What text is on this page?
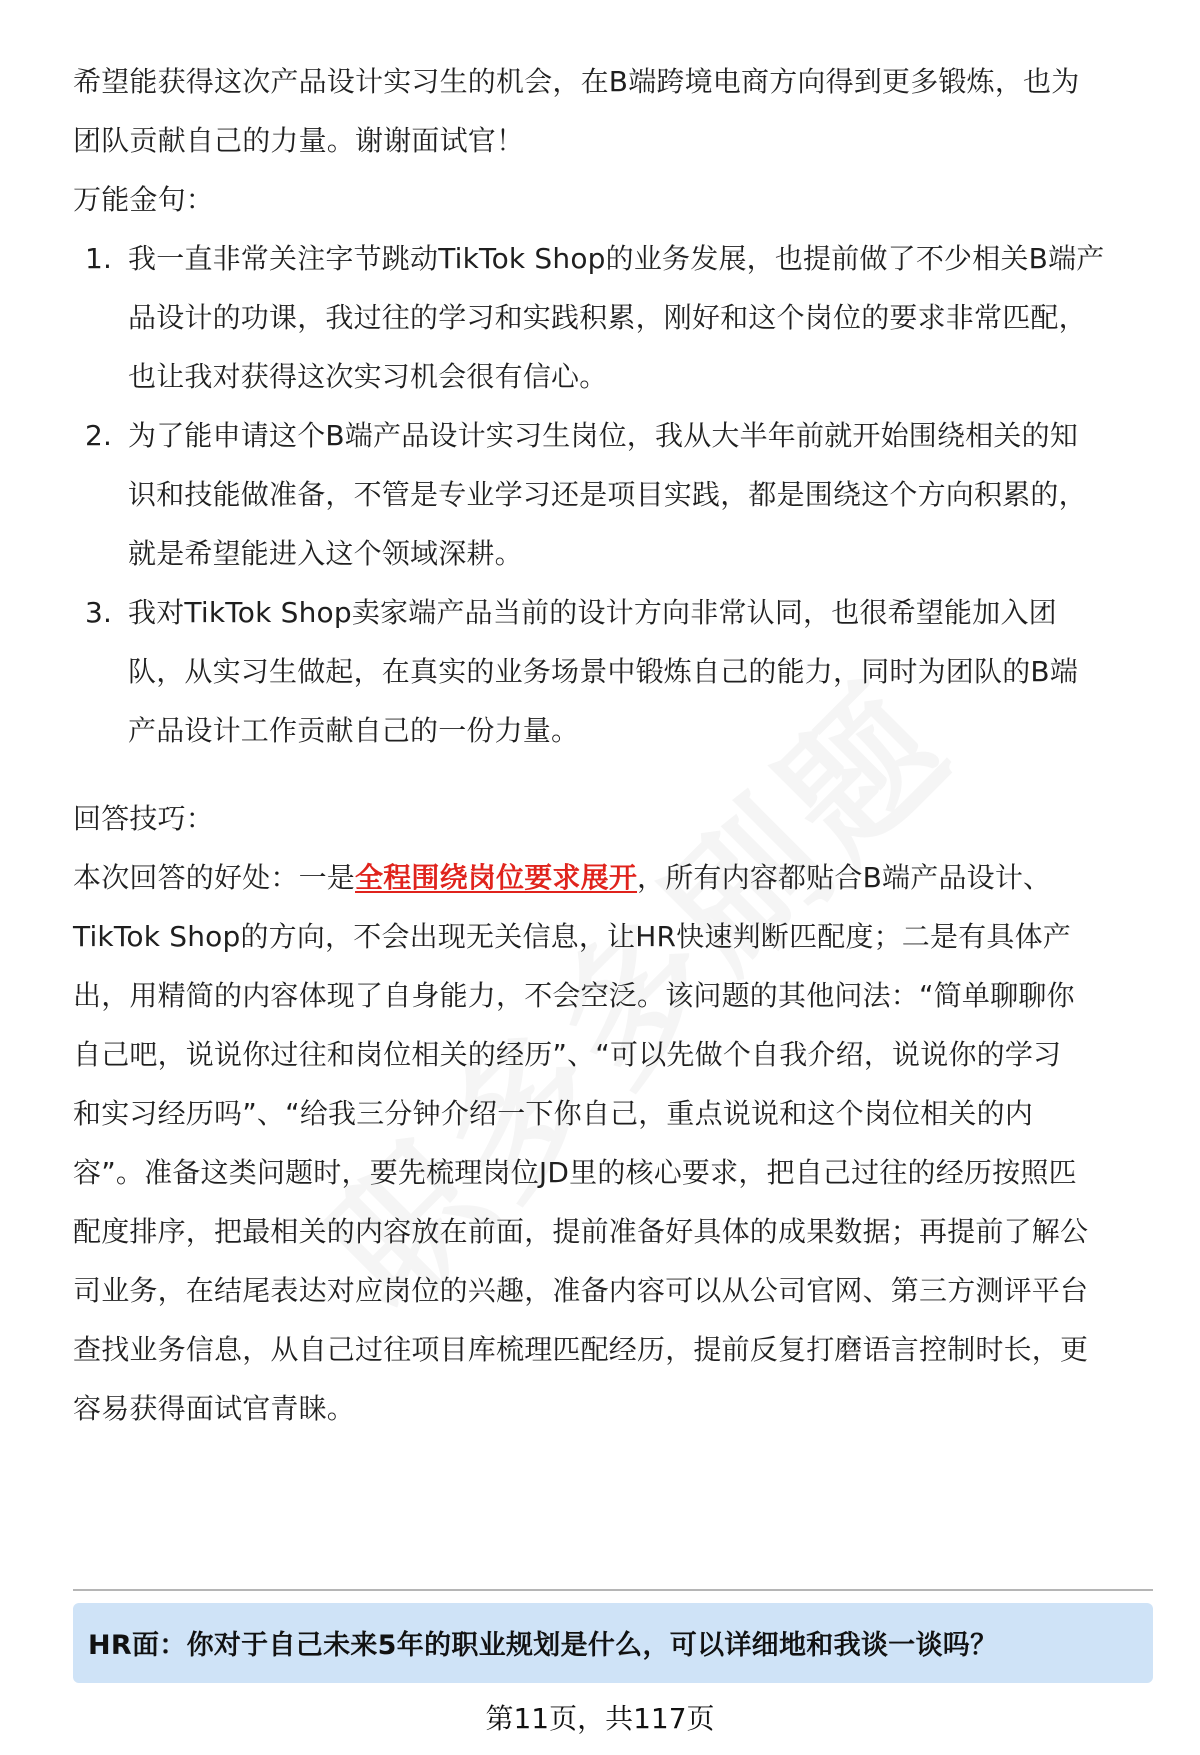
希望能获得这次产品设计实习生的机会，在B端跨境电商方向得到更多锻炼，也为

团队贡献自己的力量。谢谢面试官！

万能金句：

1. 我一直非常关注字节跳动TikTok Shop的业务发展，也提前做了不少相关B端产
品设计的功课，我过往的学习和实践积累，刚好和这个岗位的要求非常匹配，
也让我对获得这次实习机会很有信心。
2. 为了能申请这个B端产品设计实习生岗位，我从大半年前就开始围绕相关的知
识和技能做准备，不管是专业学习还是项目实践，都是围绕这个方向积累的，
就是希望能进入这个领域深耕。
3. 我对TikTok Shop卖家端产品当前的设计方向非常认同，也很希望能加入团
队，从实习生做起，在真实的业务场景中锻炼自己的能力，同时为团队的B端
产品设计工作贡献自己的一份力量。

回答技巧：

本次回答的好处：一是全程围绕岗位要求展开，所有内容都贴合B端产品设计、

TikTok Shop的方向，不会出现无关信息，让HR快速判断匹配度；二是有具体产

出，用精简的内容体现了自身能力，不会空泛。该问题的其他问法：“简单聊聊你

自己吧，说说你过往和岗位相关的经历”、“可以先做个自我介绍，说说你的学习

和实习经历吗”、“给我三分钟介绍一下你自己，重点说说和这个岗位相关的内

容”。准备这类问题时，要先梳理岗位JD里的核心要求，把自己过往的经历按照匹

配度排序，把最相关的内容放在前面，提前准备好具体的成果数据；再提前了解公

司业务，在结尾表达对应岗位的兴趣，准备内容可以从公司官网、第三方测评平台

查找业务信息，从自己过往项目库梳理匹配经历，提前反复打磨语言控制时长，更

容易获得面试官青睐。

HR面：你对于自己未来5年的职业规划是什么，可以详细地和我谈一谈吗？
第11页，共117页
